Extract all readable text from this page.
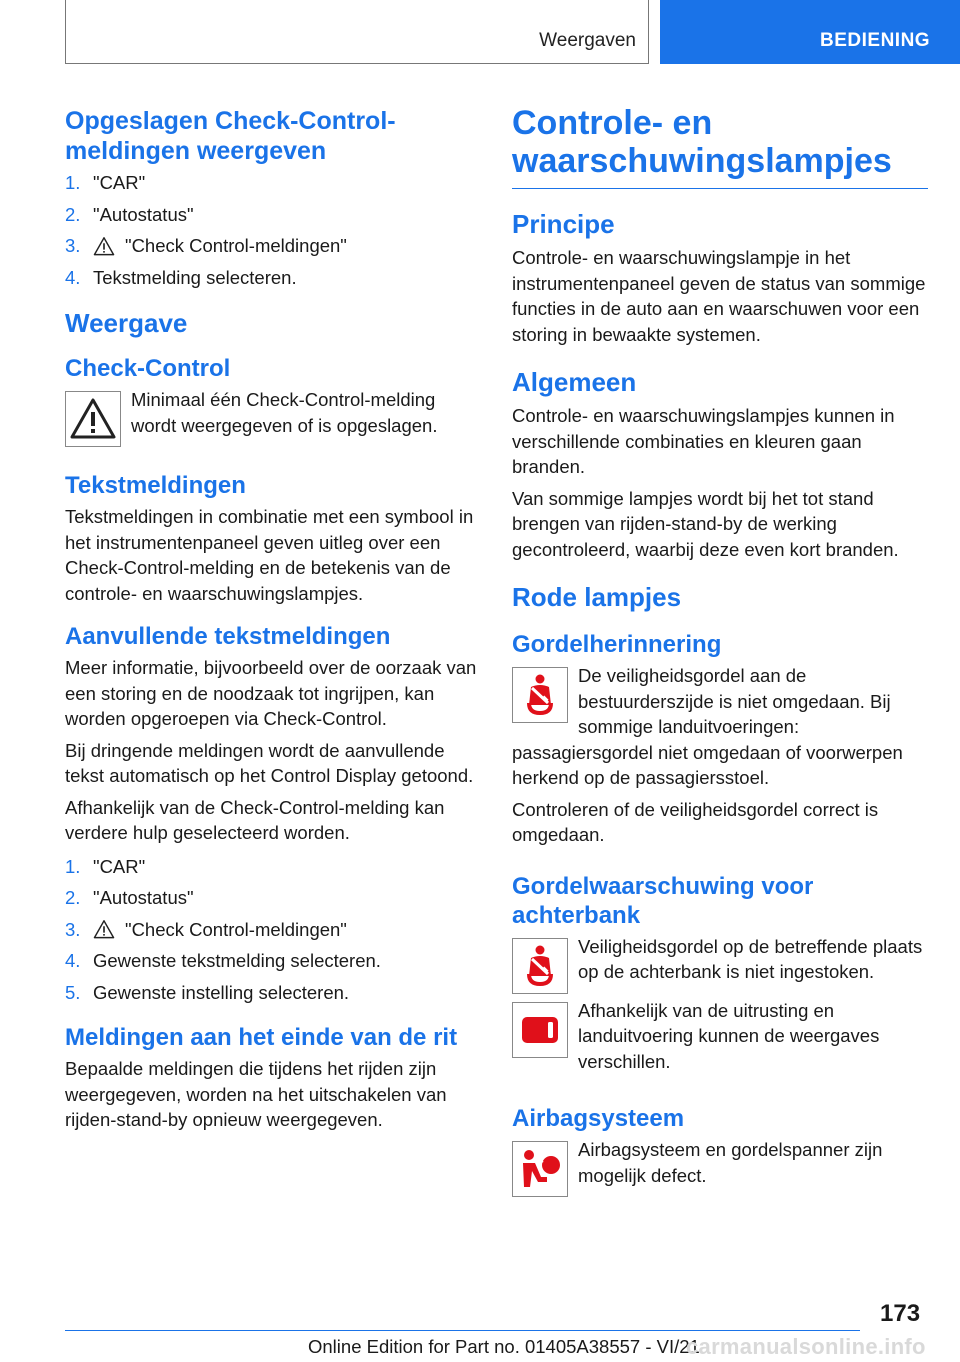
Weergaven	BEDIENING
Opgeslagen Check-Control-meldingen weergeven
1. "CAR"
2. "Autostatus"
3.	"Check Control-meldingen"
4. Tekstmelding selecteren.
Weergave
Check-Control

Minimaal één Check-Control-melding wordt weergegeven of is opgeslagen.

Tekstmeldingen

Tekstmeldingen in combinatie met een symbool in het instrumentenpaneel geven uitleg over een Check-Control-melding en de betekenis van de controle- en waarschuwingslampjes.

Aanvullende tekstmeldingen

Meer informatie, bijvoorbeeld over de oorzaak van een storing en de noodzaak tot ingrijpen, kan worden opgeroepen via Check-Control.

Bij dringende meldingen wordt de aanvullende tekst automatisch op het Control Display getoond.

Afhankelijk van de Check-Control-melding kan verdere hulp geselecteerd worden.

1. "CAR"
2. "Autostatus"
3.	"Check Control-meldingen"
4. Gewenste tekstmelding selecteren.
5. Gewenste instelling selecteren.
Meldingen aan het einde van de rit

Bepaalde meldingen die tijdens het rijden zijn weergegeven, worden na het uitschakelen van rijden-stand-by opnieuw weergegeven.

Controle- en waarschuwingslampjes
Principe

Controle- en waarschuwingslampje in het instrumentenpaneel geven de status van sommige functies in de auto aan en waarschuwen voor een storing in bewaakte systemen.

Algemeen

Controle- en waarschuwingslampjes kunnen in verschillende combinaties en kleuren gaan branden.

Van sommige lampjes wordt bij het tot stand brengen van rijden-stand-by de werking gecontroleerd, waarbij deze even kort branden.

Rode lampjes
Gordelherinnering

De veiligheidsgordel aan de bestuurderszijde is niet omgedaan. Bij sommige landuitvoeringen: passagiersgordel niet omgedaan of voorwerpen herkend op de passagiersstoel.

Controleren of de veiligheidsgordel correct is omgedaan.

Gordelwaarschuwing voor achterbank

Veiligheidsgordel op de betreffende plaats op de achterbank is niet ingestoken.

Afhankelijk van de uitrusting en landuitvoering kunnen de weergaves verschillen.

Airbagsysteem

Airbagsysteem en gordelspanner zijn mogelijk defect.

173
Online Edition for Part no. 01405A38557 - VI/21
carmanualsonline.info
